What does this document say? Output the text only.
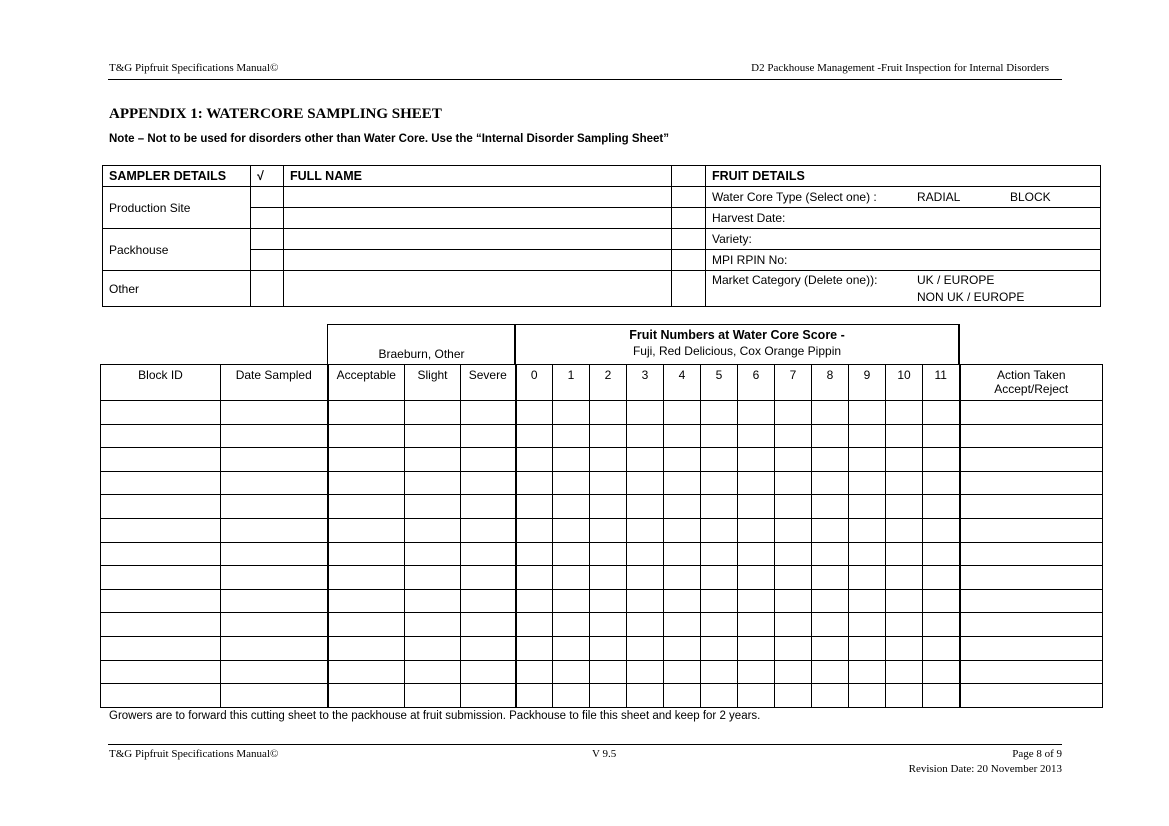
T&G Pipfruit Specifications Manual©	D2 Packhouse Management -Fruit Inspection for Internal Disorders
APPENDIX 1: WATERCORE SAMPLING SHEET
Note – Not to be used for disorders other than Water Core. Use the “Internal Disorder Sampling Sheet”
SAMPLER DETAILS	√	FULL NAME		FRUIT DETAILS
Production Site				Water Core Type (Select one) : RADIAL BLOCK
				Harvest Date:
Packhouse				Variety:
				MPI RPIN No:
Other				Market Category (Delete one)): UK / EUROPE
NON UK / EUROPE
Braeburn, Other
Fruit Numbers at Water Core Score -
Fuji, Red Delicious, Cox Orange Pippin
Block ID	Date Sampled	Acceptable	Slight	Severe	0	1	2	3	4	5	6	7	8	9	10	11	Action Taken
Accept/Reject

Growers are to forward this cutting sheet to the packhouse at fruit submission. Packhouse to file this sheet and keep for 2 years.
T&G Pipfruit Specifications Manual©	V 9.5	Page 8 of 9
Revision Date: 20 November 2013
